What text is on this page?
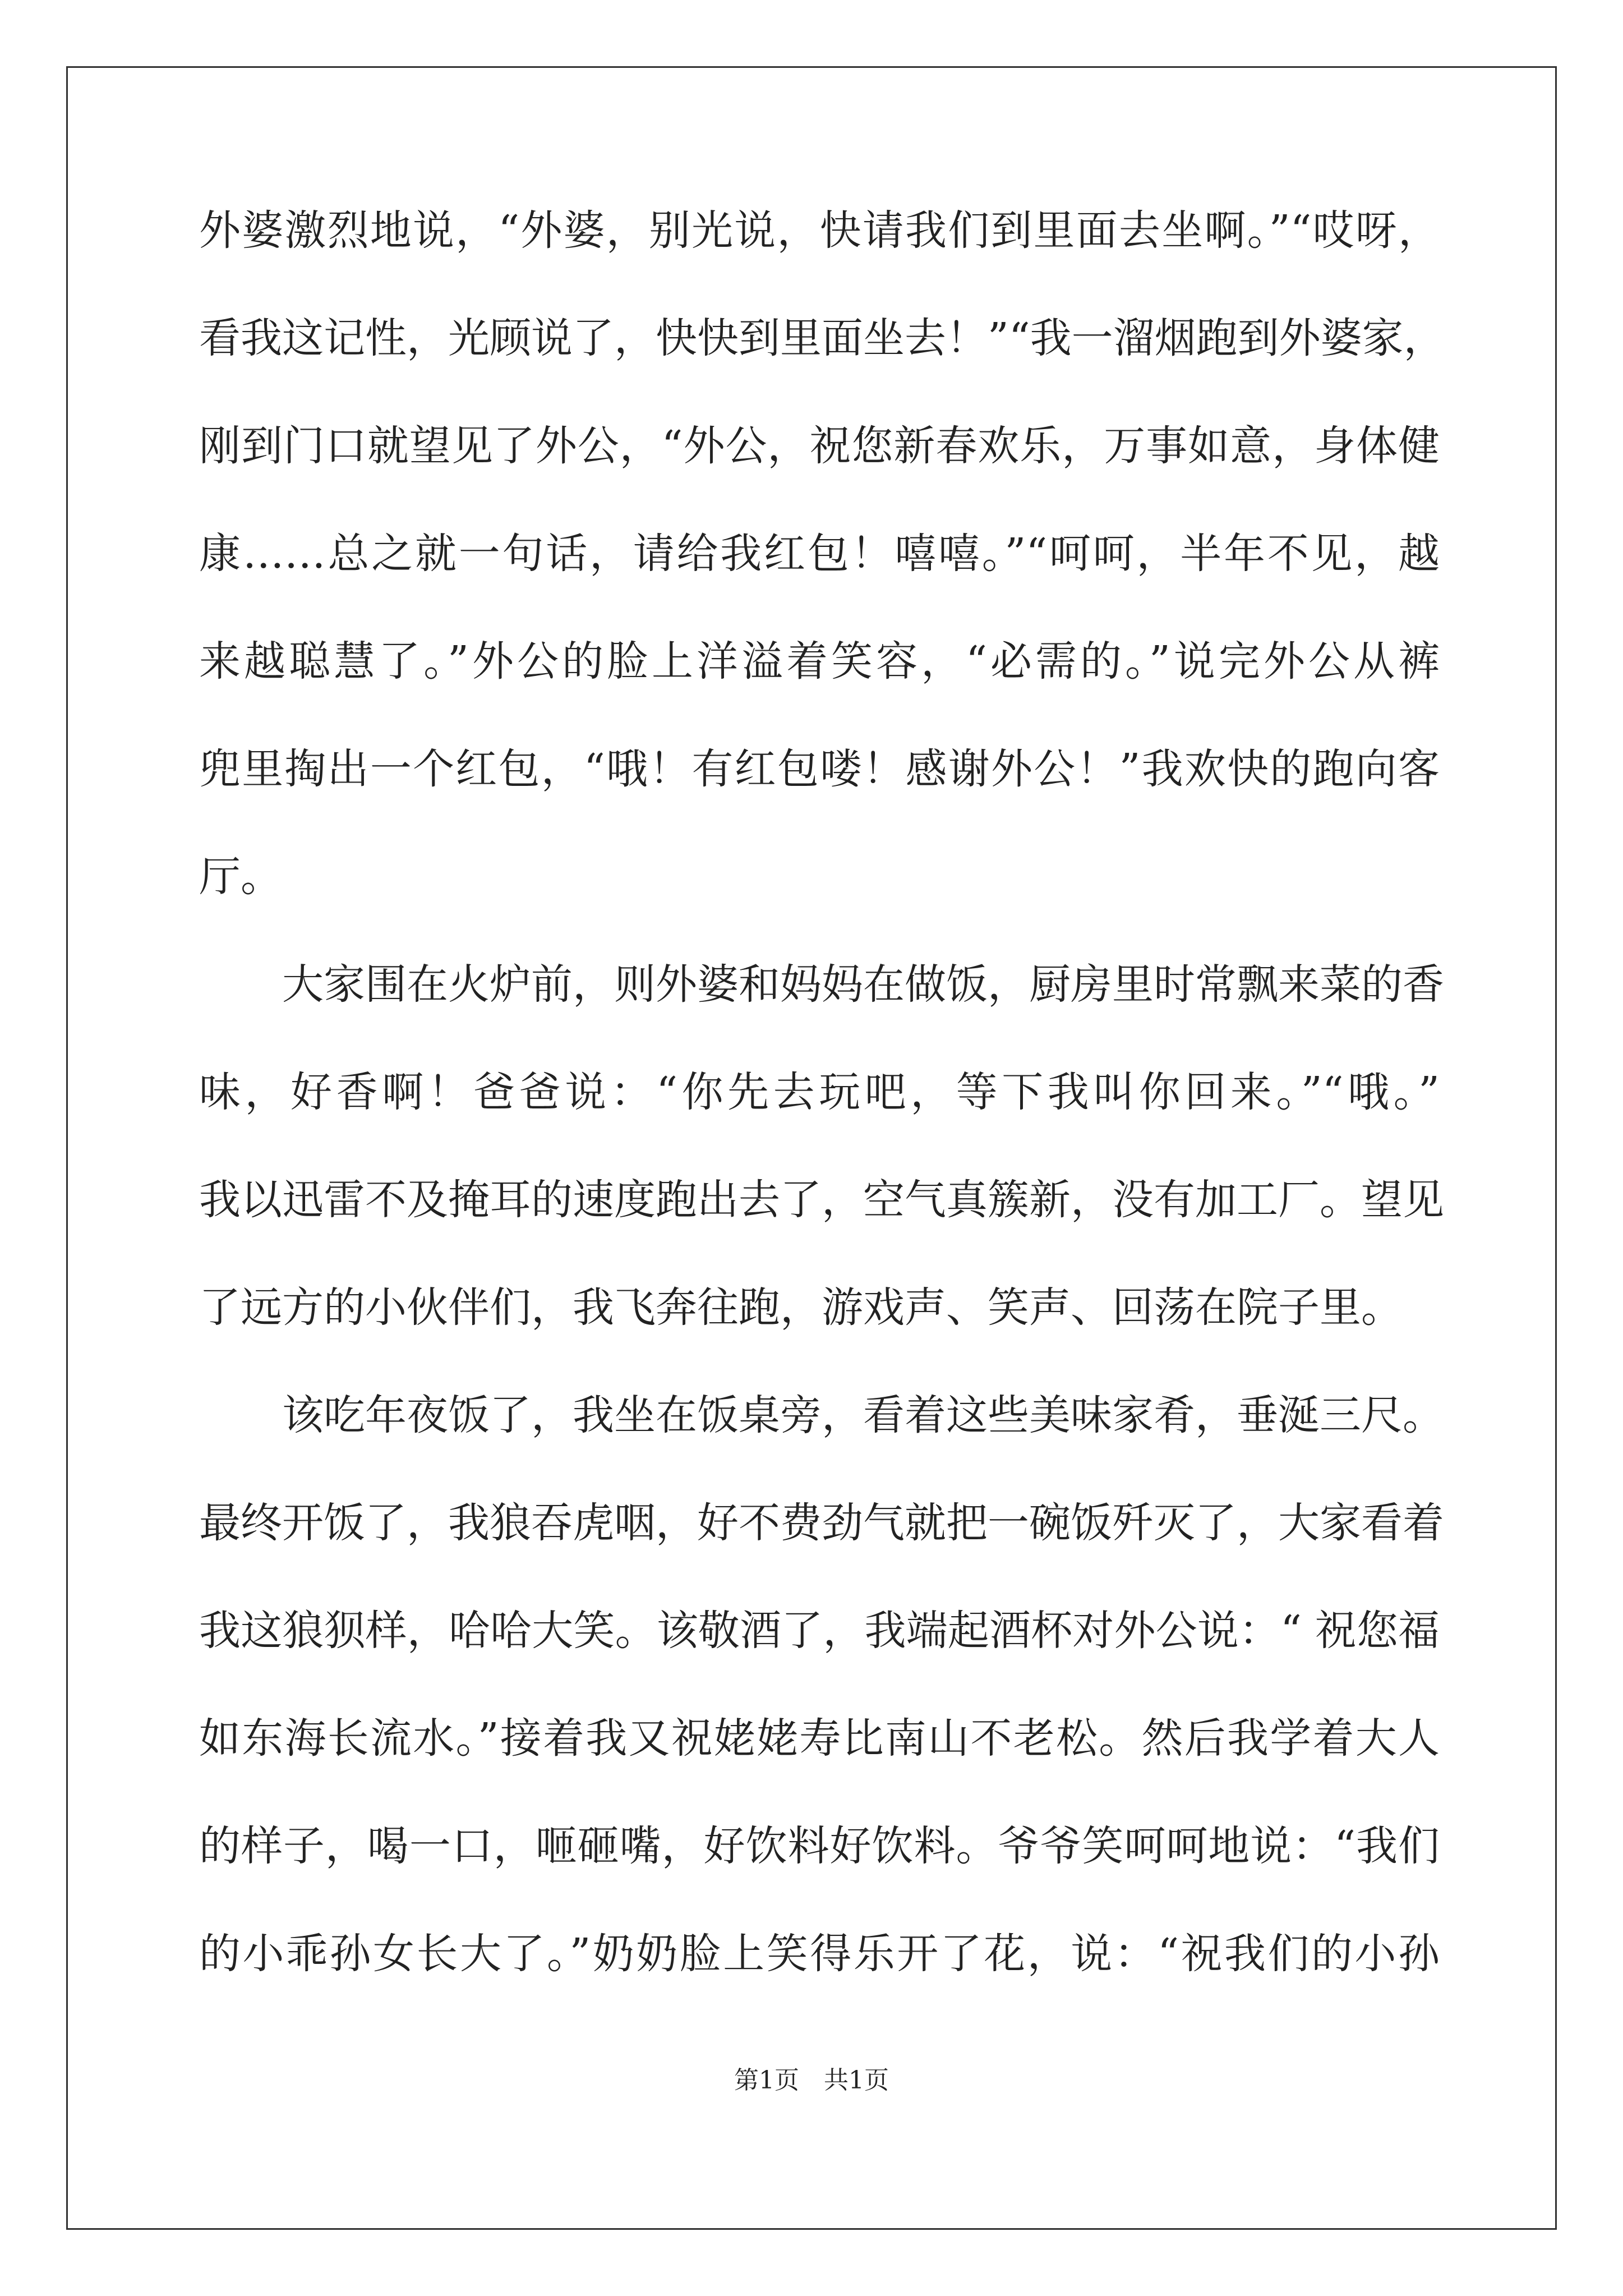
外婆激烈地说，“外婆，别光说，快请我们到里面去坐啊。”“哎呀，
看我这记性，光顾说了，快快到里面坐去！”“我一溜烟跑到外婆家，
刚到门口就望见了外公，“外公，祝您新春欢乐，万事如意，身体健
康……总之就一句话，请给我红包！嘻嘻。”“呵呵，半年不见，越
来越聪慧了。”外公的脸上洋溢着笑容，“必需的。”说完外公从裤
兜里掏出一个红包，“哦！有红包喽！感谢外公！”我欢快的跑向客
厅。
大家围在火炉前，则外婆和妈妈在做饭，厨房里时常飘来菜的香
味，好香啊！爸爸说：“你先去玩吧，等下我叫你回来。”“哦。”
我以迅雷不及掩耳的速度跑出去了，空气真簇新，没有加工厂。望见
了远方的小伙伴们，我飞奔往跑，游戏声、笑声、回荡在院子里。
该吃年夜饭了，我坐在饭桌旁，看着这些美味家肴，垂涎三尺。
最终开饭了，我狼吞虎咽，好不费劲气就把一碗饭歼灭了，大家看着
我这狼狈样，哈哈大笑。该敬酒了，我端起酒杯对外公说：“ 祝您福
如东海长流水。”接着我又祝姥姥寿比南山不老松。然后我学着大人
的样子，喝一口，咂砸嘴，好饮料好饮料。爷爷笑呵呵地说：“我们
的小乖孙女长大了。”奶奶脸上笑得乐开了花，说：“祝我们的小孙
第1页　共1页
